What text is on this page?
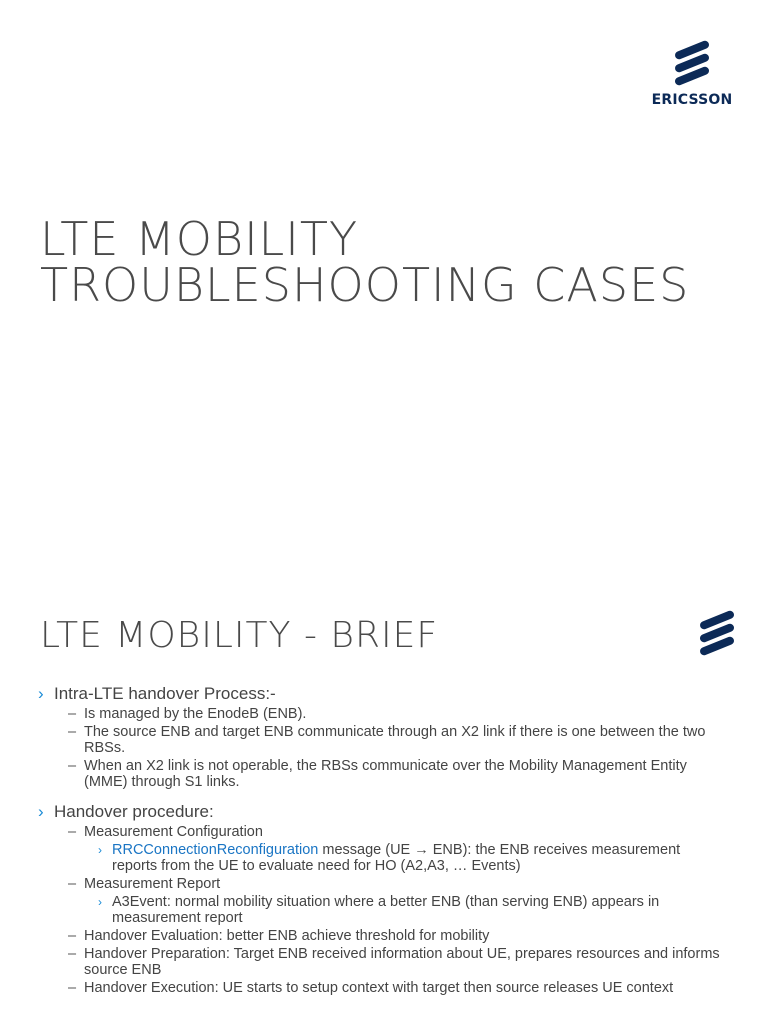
ERICSSON
LTE MOBILITY
TROUBLESHOOTING CASES
LTE MOBILITY - BRIEF
› Intra-LTE handover Process:-
– Is managed by the EnodeB (ENB).
– The source ENB and target ENB communicate through an X2 link if there is one between the two RBSs.
– When an X2 link is not operable, the RBSs communicate over the Mobility Management Entity (MME) through S1 links.
› Handover procedure:
– Measurement Configuration
› RRCConnectionReconfiguration message (UE → ENB): the ENB receives measurement reports from the UE to evaluate need for HO (A2,A3, … Events)
– Measurement Report
› A3Event: normal mobility situation where a better ENB (than serving ENB) appears in measurement report
– Handover Evaluation: better ENB achieve threshold for mobility
– Handover Preparation: Target ENB received information about UE, prepares resources and informs source ENB
– Handover Execution: UE starts to setup context with target then source releases UE context
